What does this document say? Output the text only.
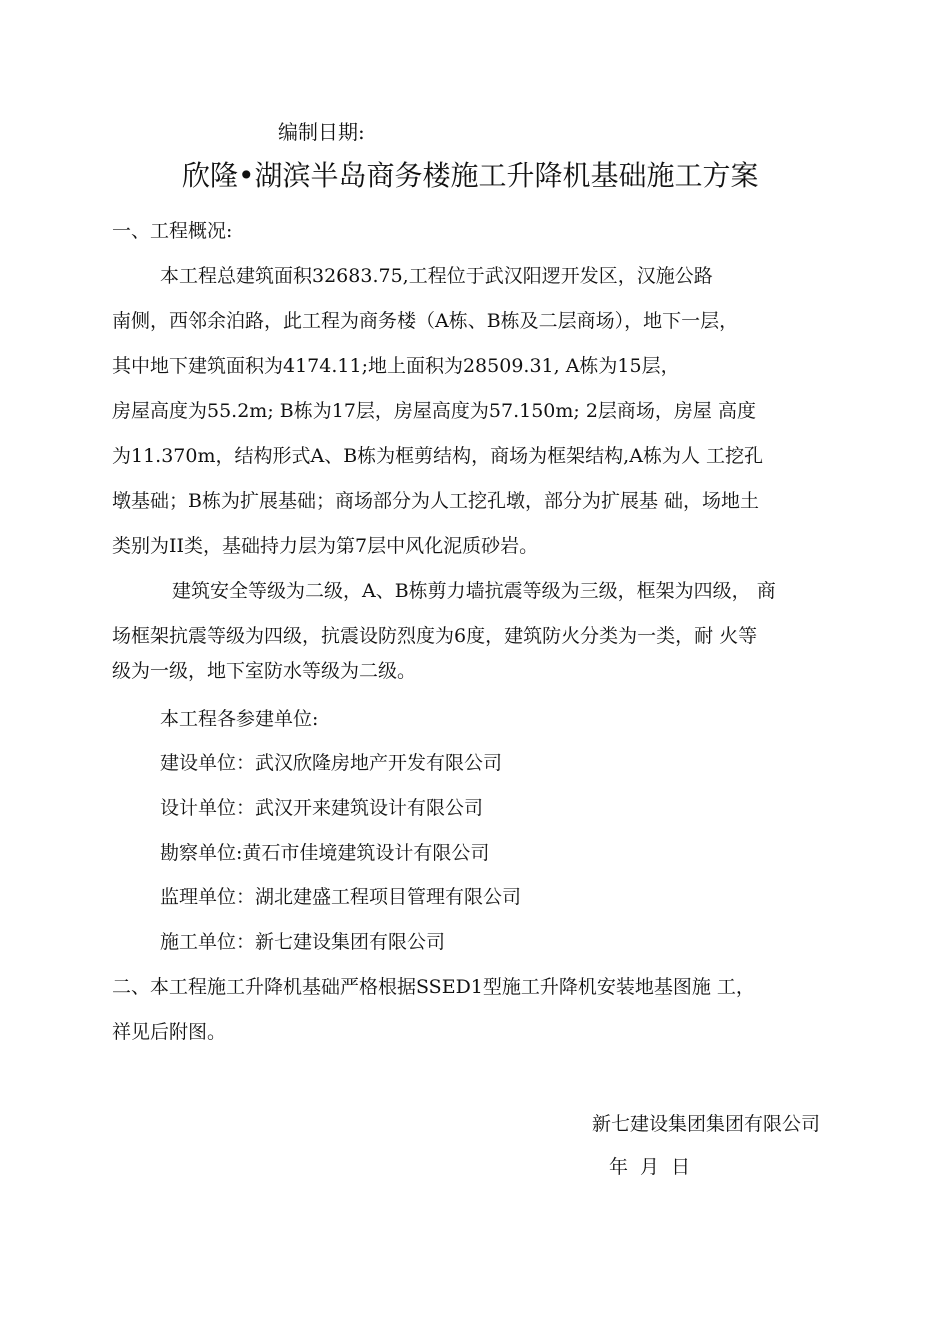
编制日期:
欣隆•湖滨半岛商务楼施工升降机基础施工方案
一、工程概况:
本工程总建筑面积32683.75,工程位于武汉阳逻开发区，汉施公路
南侧，西邻余泊路，此工程为商务楼（A栋、B栋及二层商场），地下一层，
其中地下建筑面积为4174.11;地上面积为28509.31, A栋为15层，
房屋高度为55.2m; B栋为17层，房屋高度为57.150m; 2层商场，房屋 高度
为11.370m，结构形式A、B栋为框剪结构，商场为框架结构,A栋为人 工挖孔
墩基础；B栋为扩展基础；商场部分为人工挖孔墩，部分为扩展基 础，场地土
类别为II类，基础持力层为第7层中风化泥质砂岩。
建筑安全等级为二级，A、B栋剪力墙抗震等级为三级，框架为四级， 商
场框架抗震等级为四级，抗震设防烈度为6度，建筑防火分类为一类，耐 火等
级为一级，地下室防水等级为二级。
本工程各参建单位:
建设单位：武汉欣隆房地产开发有限公司
设计单位：武汉开来建筑设计有限公司
勘察单位:黄石市佳境建筑设计有限公司
监理单位：湖北建盛工程项目管理有限公司
施工单位：新七建设集团有限公司
二、本工程施工升降机基础严格根据SSED1型施工升降机安装地基图施 工，
祥见后附图。
新七建设集团集团有限公司
年 月 日
